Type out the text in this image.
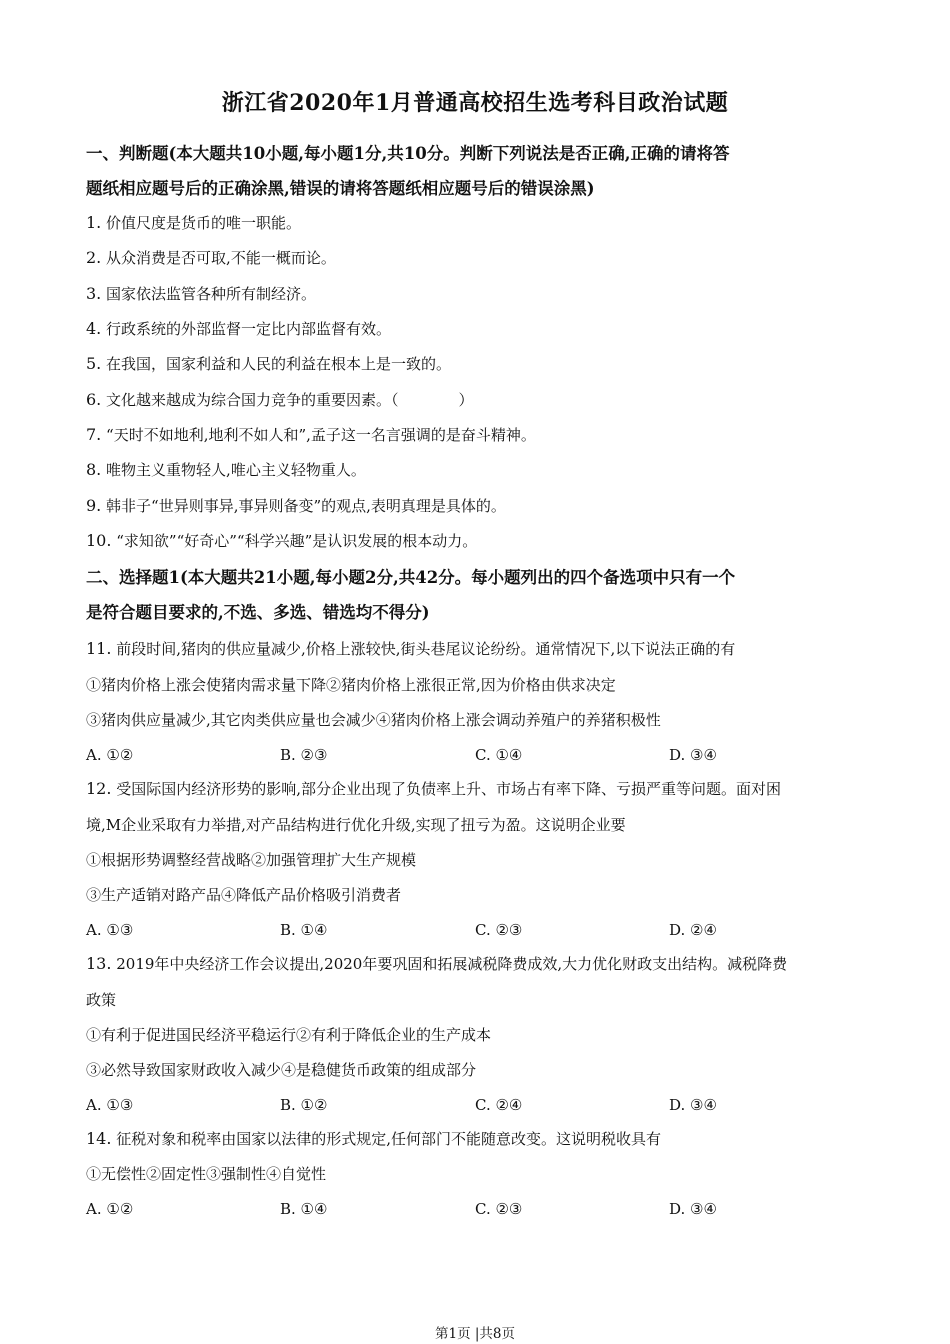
浙江省2020年1月普通高校招生选考科目政治试题
一、判断题(本大题共10小题,每小题1分,共10分。判断下列说法是否正确,正确的请将答
题纸相应题号后的正确涂黑,错误的请将答题纸相应题号后的错误涂黑)
1. 价值尺度是货币的唯一职能。
2. 从众消费是否可取,不能一概而论。
3. 国家依法监管各种所有制经济。
4. 行政系统的外部监督一定比内部监督有效。
5. 在我国，国家利益和人民的利益在根本上是一致的。
6. 文化越来越成为综合国力竞争的重要因素。（　　　　）
7. “天时不如地利,地利不如人和”,孟子这一名言强调的是奋斗精神。
8. 唯物主义重物轻人,唯心主义轻物重人。
9. 韩非子“世异则事异,事异则备变”的观点,表明真理是具体的。
10. “求知欲”“好奇心”“科学兴趣”是认识发展的根本动力。
二、选择题1(本大题共21小题,每小题2分,共42分。每小题列出的四个备选项中只有一个
是符合题目要求的,不选、多选、错选均不得分)
11. 前段时间,猪肉的供应量减少,价格上涨较快,街头巷尾议论纷纷。通常情况下,以下说法正确的有
①猪肉价格上涨会使猪肉需求量下降②猪肉价格上涨很正常,因为价格由供求决定
③猪肉供应量减少,其它肉类供应量也会减少④猪肉价格上涨会调动养殖户的养猪积极性
A. ①②	B. ②③	C. ①④	D. ③④
12. 受国际国内经济形势的影响,部分企业出现了负债率上升、市场占有率下降、亏损严重等问题。面对困
境,M企业采取有力举措,对产品结构进行优化升级,实现了扭亏为盈。这说明企业要
①根据形势调整经营战略②加强管理扩大生产规模
③生产适销对路产品④降低产品价格吸引消费者
A. ①③	B. ①④	C. ②③	D. ②④
13. 2019年中央经济工作会议提出,2020年要巩固和拓展减税降费成效,大力优化财政支出结构。减税降费
政策
①有利于促进国民经济平稳运行②有利于降低企业的生产成本
③必然导致国家财政收入减少④是稳健货币政策的组成部分
A. ①③	B. ①②	C. ②④	D. ③④
14. 征税对象和税率由国家以法律的形式规定,任何部门不能随意改变。这说明税收具有
①无偿性②固定性③强制性④自觉性
A. ①②	B. ①④	C. ②③	D. ③④
第1页 |共8页
